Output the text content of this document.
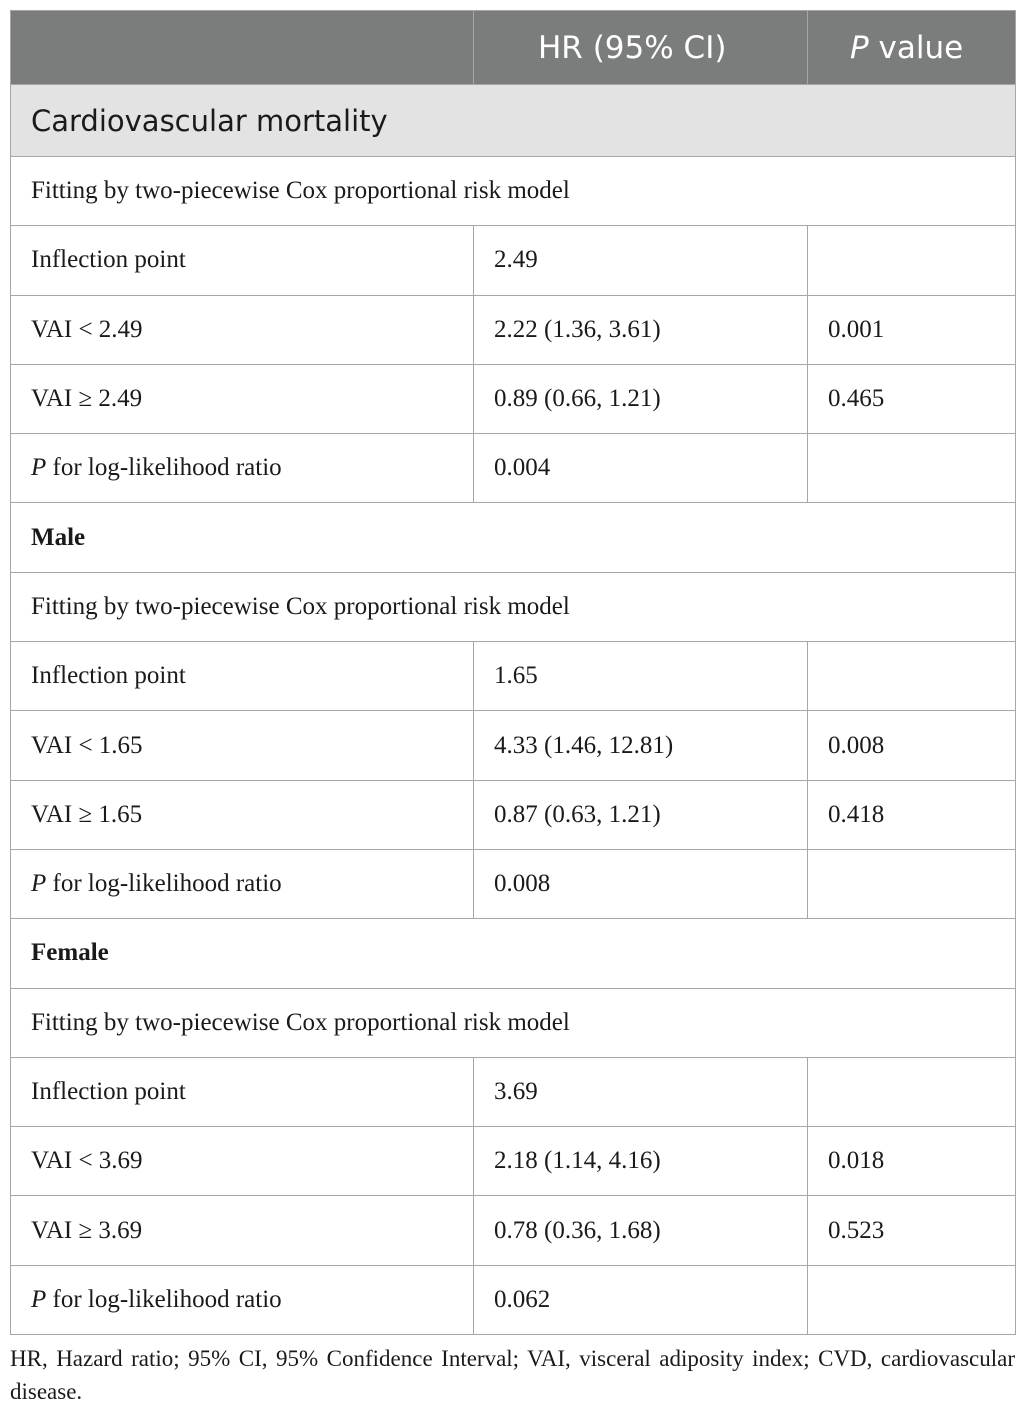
	HR (95% CI)	P value
Cardiovascular mortality		
Fitting by two-piecewise Cox proportional risk model		
Inflection point	2.49	
VAI < 2.49	2.22 (1.36, 3.61)	0.001
VAI ≥ 2.49	0.89 (0.66, 1.21)	0.465
P for log-likelihood ratio	0.004	
Male		
Fitting by two-piecewise Cox proportional risk model		
Inflection point	1.65	
VAI < 1.65	4.33 (1.46, 12.81)	0.008
VAI ≥ 1.65	0.87 (0.63, 1.21)	0.418
P for log-likelihood ratio	0.008	
Female		
Fitting by two-piecewise Cox proportional risk model		
Inflection point	3.69	
VAI < 3.69	2.18 (1.14, 4.16)	0.018
VAI ≥ 3.69	0.78 (0.36, 1.68)	0.523
P for log-likelihood ratio	0.062	
HR, Hazard ratio; 95% CI, 95% Confidence Interval; VAI, visceral adiposity index; CVD, cardiovascular disease.
